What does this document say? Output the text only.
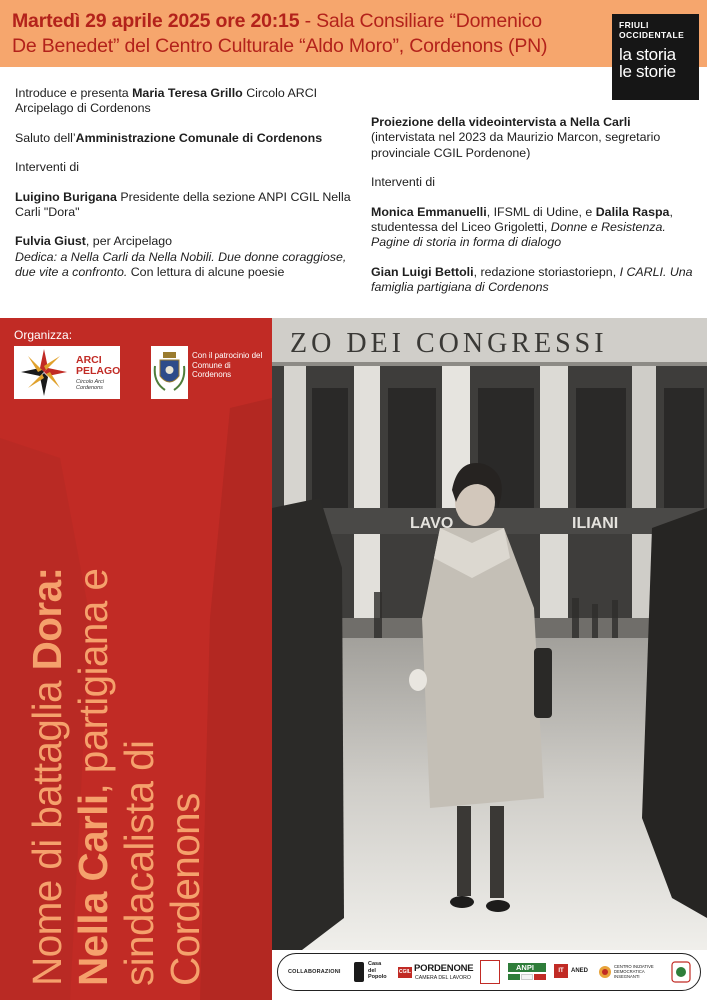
Martedì 29 aprile 2025 ore 20:15 - Sala Consiliare “Domenico
De Benedet” del Centro Culturale “Aldo Moro”, Cordenons (PN)
FRIULI
OCCIDENTALE
la storia
le storie

Introduce e presenta Maria Teresa Grillo Circolo ARCI Arcipelago di Cordenons

Saluto dell’Amministrazione Comunale di Cordenons

Interventi di

Luigino Burigana Presidente della sezione ANPI CGIL Nella Carli "Dora"

Fulvia Giust, per Arcipelago
Dedica: a Nella Carli da Nella Nobili. Due donne coraggiose, due vite a confronto. Con lettura di alcune poesie

Proiezione della videointervista a Nella Carli
(intervistata nel 2023 da Maurizio Marcon, segretario provinciale CGIL Pordenone)

Interventi di

Monica Emmanuelli, IFSML di Udine, e Dalila Raspa, studentessa del Liceo Grigoletti, Donne e Resistenza. Pagine di storia in forma di dialogo

Gian Luigi Bettoli, redazione storiastoriepn, I CARLI. Una famiglia partigiana di Cordenons

ZO DEI CONGRESSI
LAVO	ILIANI
Organizza:
ARCI
PELAGO
Circolo Arci
Cordenons
Con il patrocinio del Comune di Cordenons
Nome di battaglia Dora:
Nella Carli, partigiana e
sindacalista di Cordenons	COLLABORAZIONI
Casa
del
Popolo
CGIL PORDENONE
CAMERA DEL LAVORO
ANPI	IT	ANED
CENTRO INIZIATIVE
DEMOCRATICA
INSEGNANTI
